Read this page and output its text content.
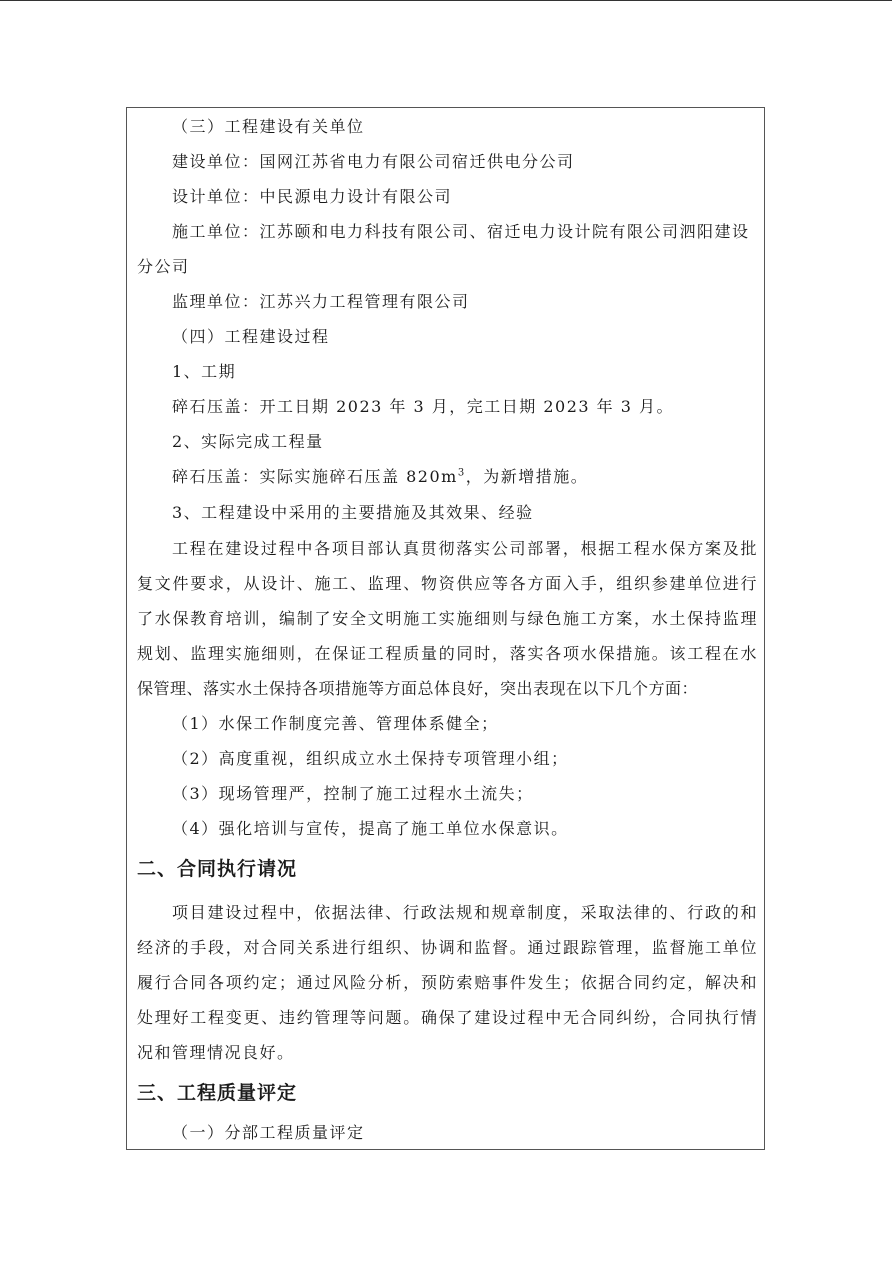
（三）工程建设有关单位
建设单位：国网江苏省电力有限公司宿迁供电分公司
设计单位：中民源电力设计有限公司
施工单位：江苏颐和电力科技有限公司、宿迁电力设计院有限公司泗阳建设
分公司
监理单位：江苏兴力工程管理有限公司
（四）工程建设过程
1、工期
碎石压盖：开工日期 2023 年 3 月，完工日期 2023 年 3 月。
2、实际完成工程量
碎石压盖：实际实施碎石压盖 $820m^3$，为新增措施。
3、工程建设中采用的主要措施及其效果、经验
工程在建设过程中各项目部认真贯彻落实公司部署，根据工程水保方案及批
复文件要求，从设计、施工、监理、物资供应等各方面入手，组织参建单位进行
了水保教育培训，编制了安全文明施工实施细则与绿色施工方案，水土保持监理
规划、监理实施细则，在保证工程质量的同时，落实各项水保措施。该工程在水
保管理、落实水土保持各项措施等方面总体良好，突出表现在以下几个方面：
（1）水保工作制度完善、管理体系健全；
（2）高度重视，组织成立水土保持专项管理小组；
（3）现场管理严，控制了施工过程水土流失；
（4）强化培训与宣传，提高了施工单位水保意识。
二、合同执行请况
项目建设过程中，依据法律、行政法规和规章制度，采取法律的、行政的和
经济的手段，对合同关系进行组织、协调和监督。通过跟踪管理，监督施工单位
履行合同各项约定；通过风险分析，预防索赔事件发生；依据合同约定，解决和
处理好工程变更、违约管理等问题。确保了建设过程中无合同纠纷，合同执行情
况和管理情况良好。
三、工程质量评定
（一）分部工程质量评定
